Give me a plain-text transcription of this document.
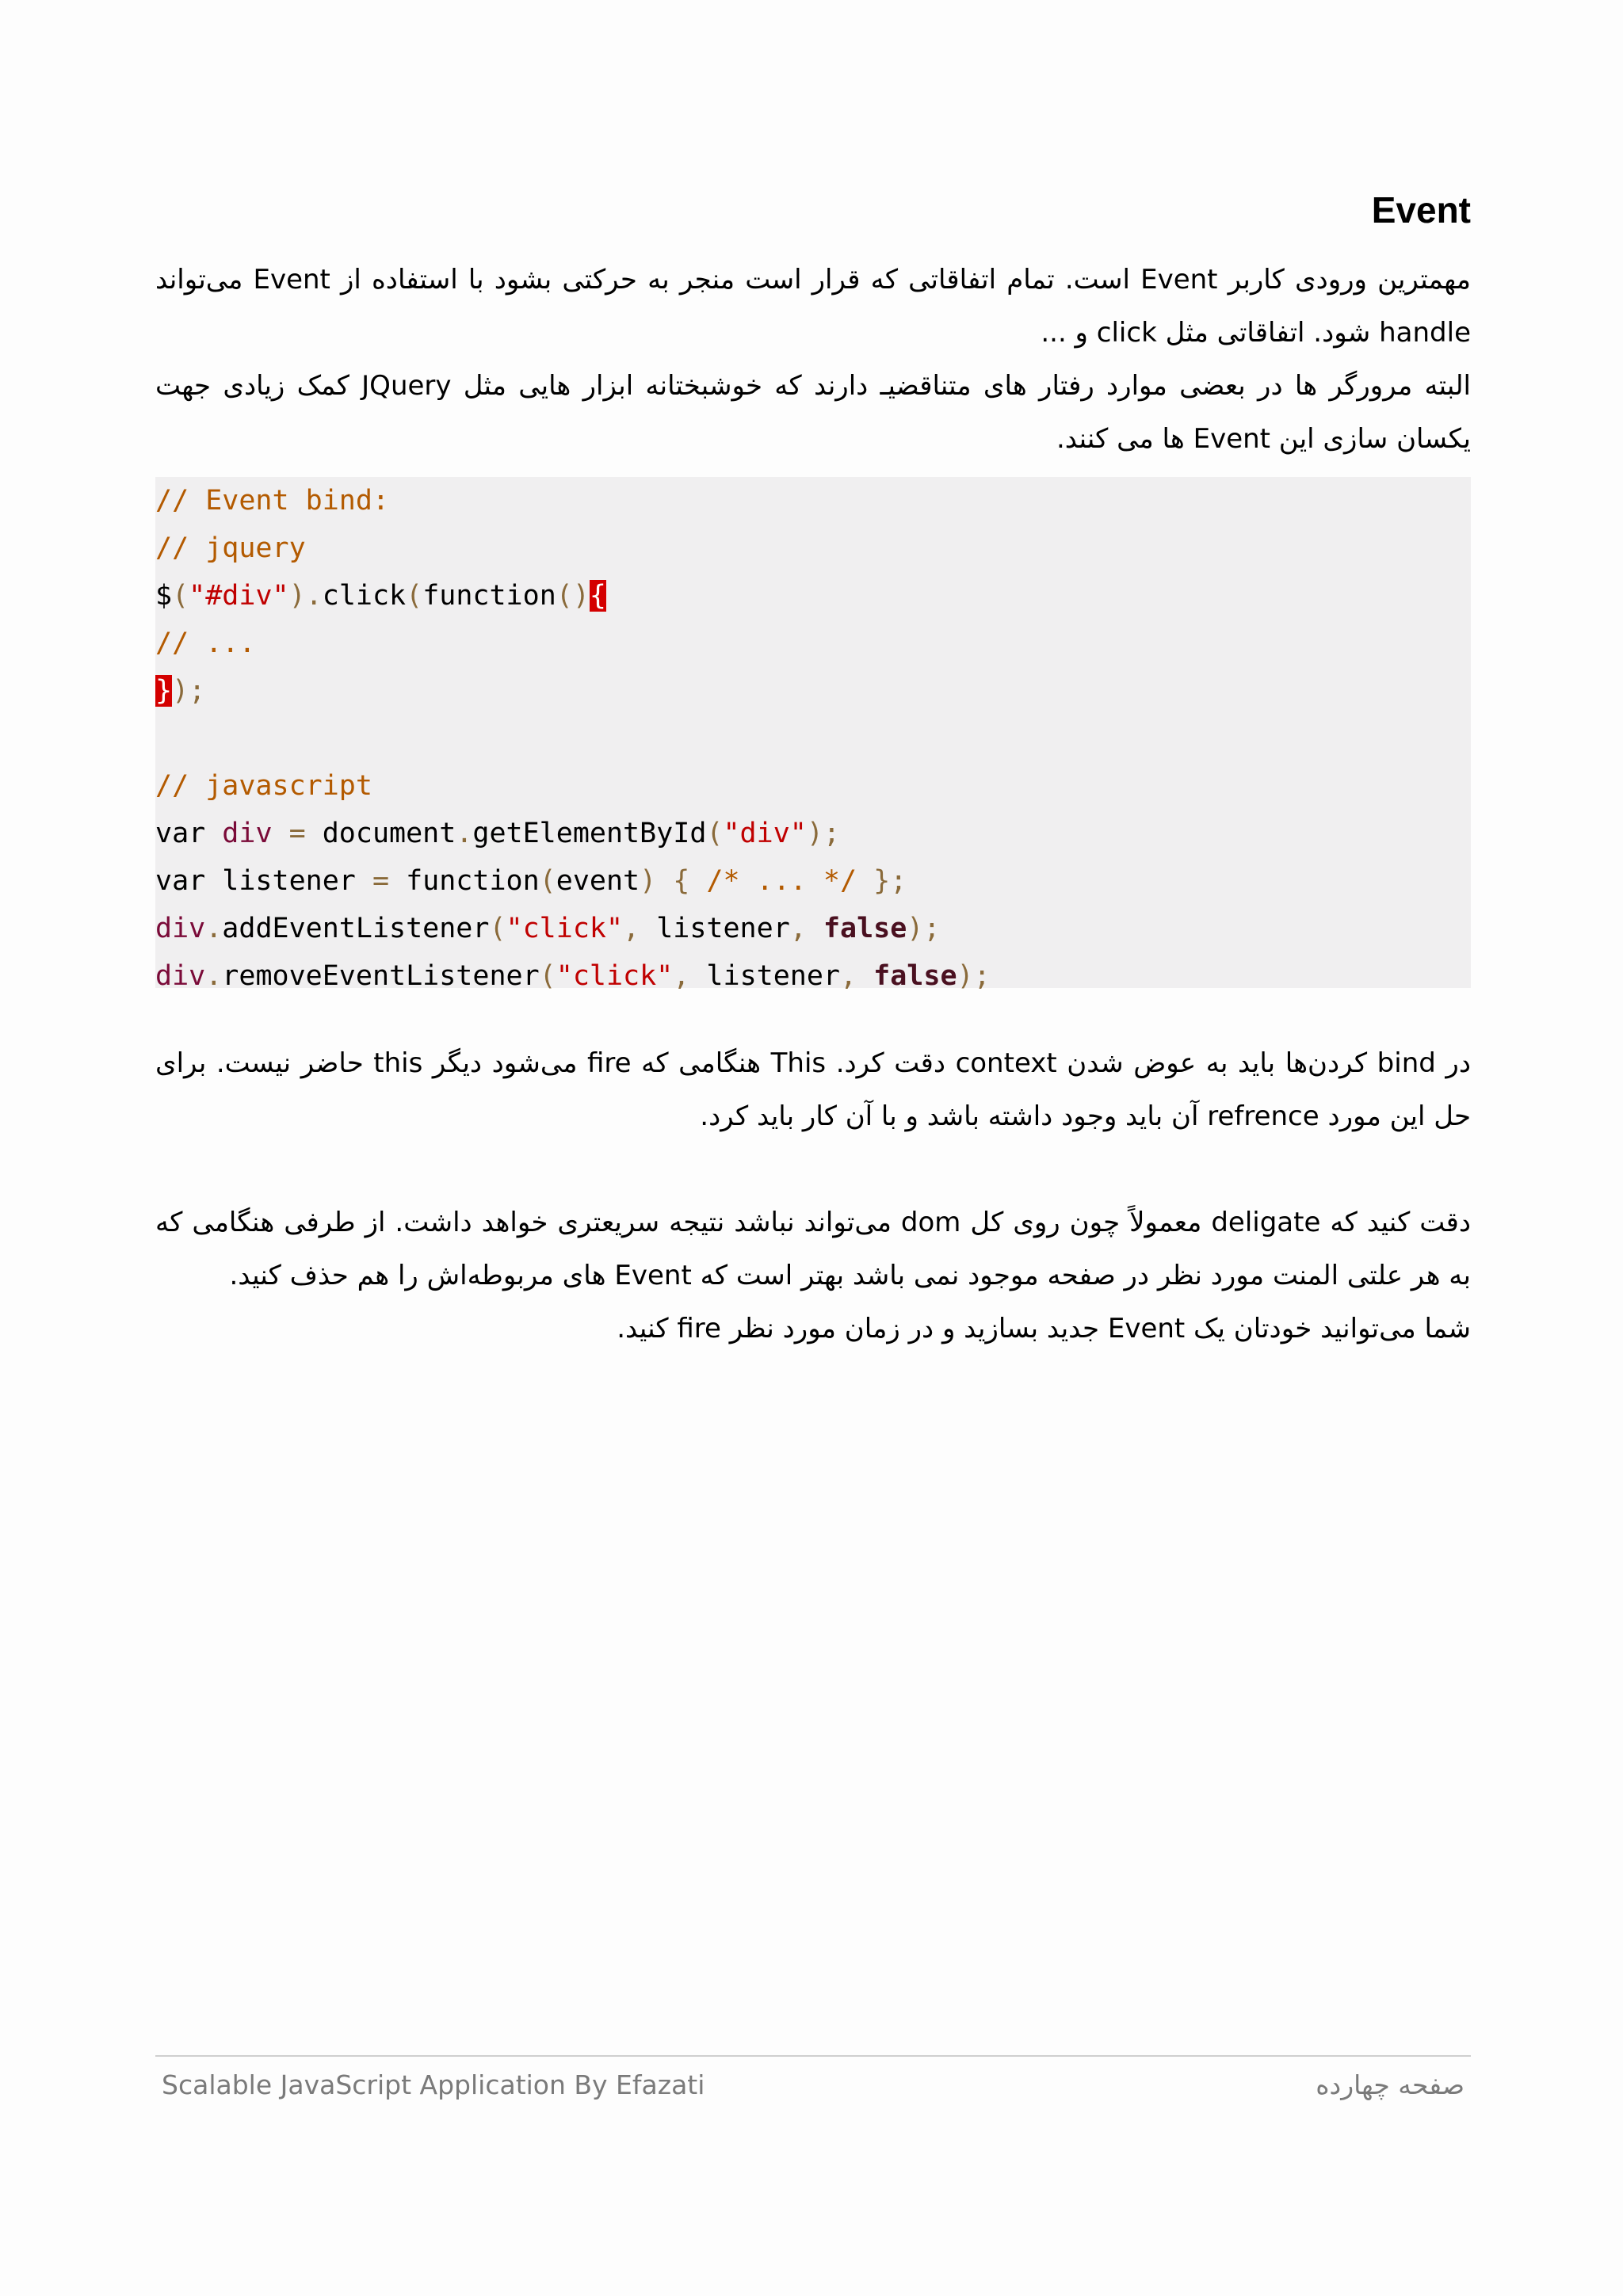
Event

مهمترین ورودی کاربر Event است. تمام اتفاقاتی که قرار است منجر به حرکتی بشود با استفاده از Event می‌تواند handle شود. اتفاقاتی مثل click و ...

البته مرورگر ها در بعضی موارد رفتار های متناقضیـ دارند که خوشبختانه ابزار هایی مثل JQuery کمک زیادی جهت یکسان سازی این Event ها می کنند.

// Event bind:
// jquery
$("#div").click(function(){
// ...
});
// javascript
var div = document.getElementById("div");
var listener = function(event) { /* ... */ };
div.addEventListener("click", listener, false);
div.removeEventListener("click", listener, false);

در bind کردن‌ها باید به عوض شدن context دقت کرد. This هنگامی که fire می‌شود دیگر this حاضر نیست. برای حل این مورد refrence آن باید وجود داشته باشد و با آن کار باید کرد.

دقت کنید که deligate معمولاً چون روی کل dom می‌تواند نباشد نتیجه سریعتری خواهد داشت. از طرفی هنگامی که به هر علتی المنت مورد نظر در صفحه موجود نمی باشد بهتر است که Event های مربوطه‌اش را هم حذف کنید.

شما می‌توانید خودتان یک Event جدید بسازید و در زمان مورد نظر fire کنید.

Scalable JavaScript Application By Efazati	صفحه چهارده
